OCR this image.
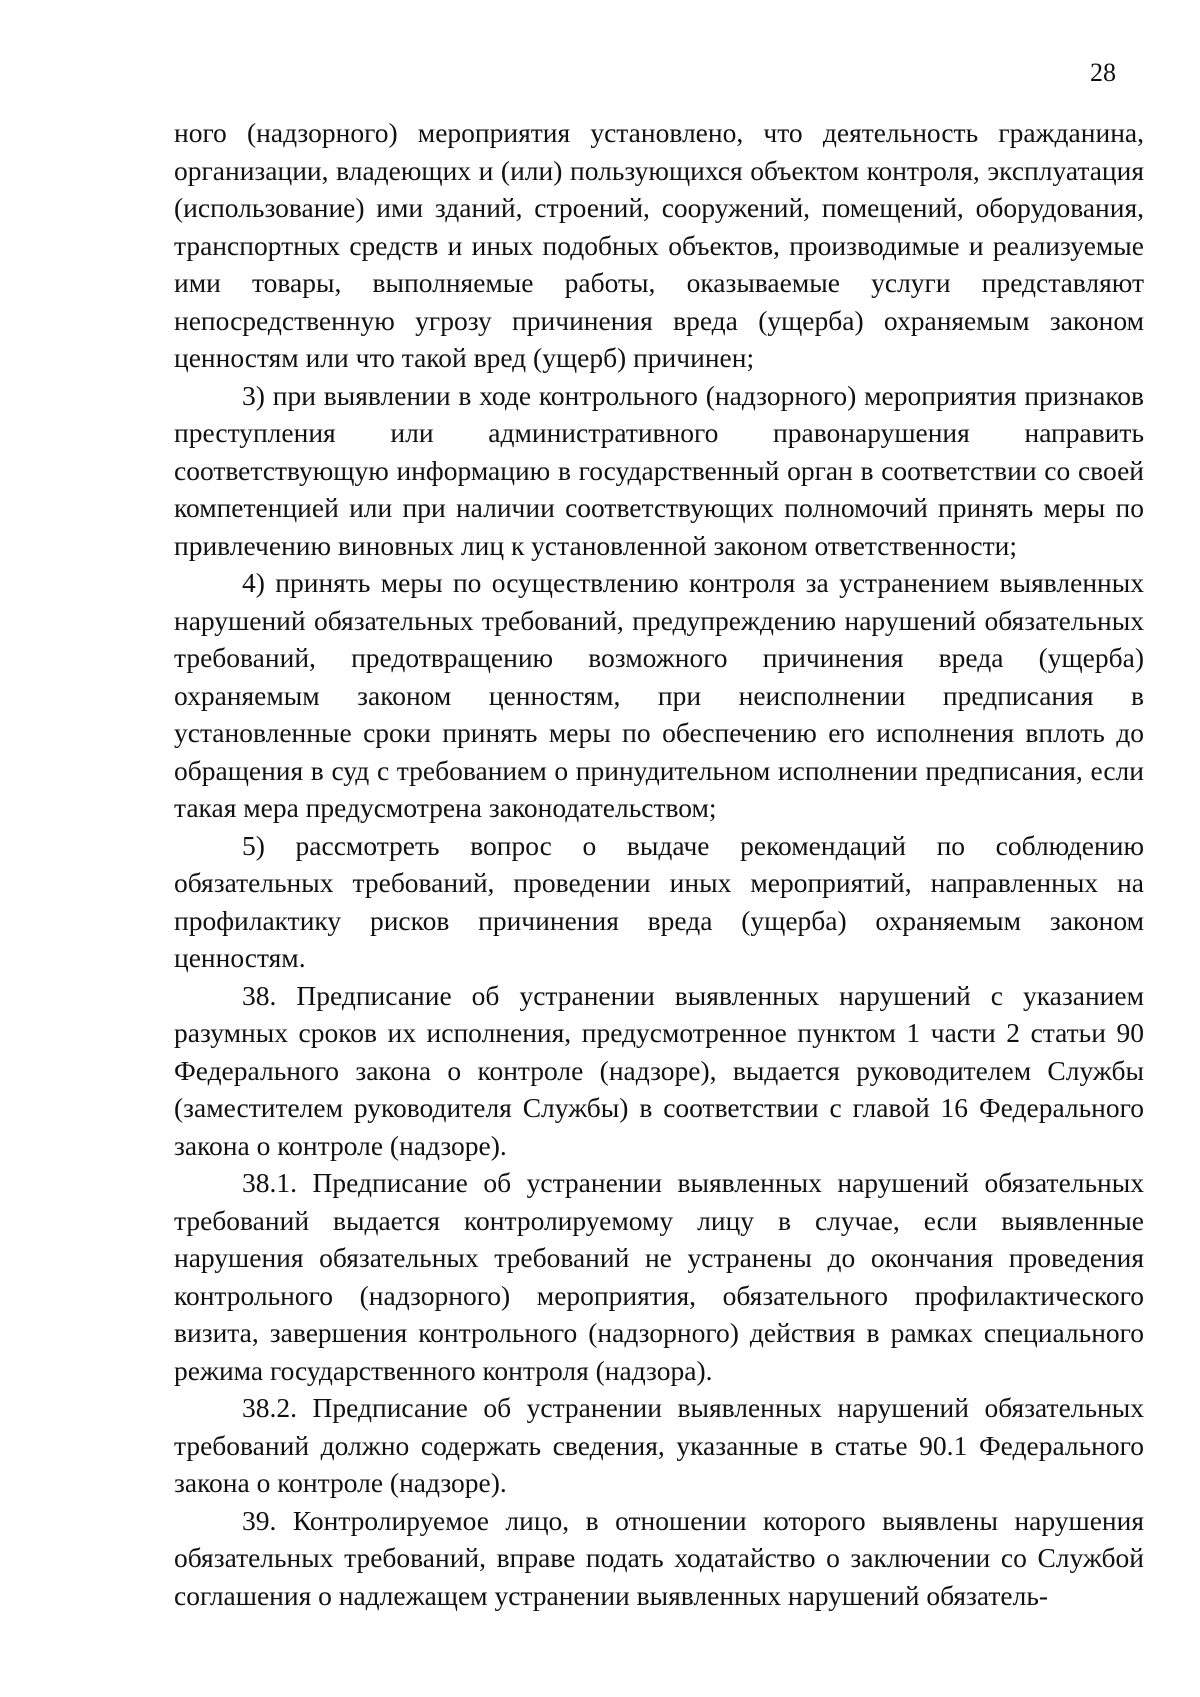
28

ного (надзорного) мероприятия установлено, что деятельность гражданина, организации, владеющих и (или) пользующихся объектом контроля, эксплуатация (использование) ими зданий, строений, сооружений, помещений, оборудования, транспортных средств и иных подобных объектов, производимые и реализуемые ими товары, выполняемые работы, оказываемые услуги представляют непосредственную угрозу причинения вреда (ущерба) охраняемым законом ценностям или что такой вред (ущерб) причинен;

3) при выявлении в ходе контрольного (надзорного) мероприятия признаков преступления или административного правонарушения направить соответствующую информацию в государственный орган в соответствии со своей компетенцией или при наличии соответствующих полномочий принять меры по привлечению виновных лиц к установленной законом ответственности;

4) принять меры по осуществлению контроля за устранением выявленных нарушений обязательных требований, предупреждению нарушений обязательных требований, предотвращению возможного причинения вреда (ущерба) охраняемым законом ценностям, при неисполнении предписания в установленные сроки принять меры по обеспечению его исполнения вплоть до обращения в суд с требованием о принудительном исполнении предписания, если такая мера предусмотрена законодательством;

5) рассмотреть вопрос о выдаче рекомендаций по соблюдению обязательных требований, проведении иных мероприятий, направленных на профилактику рисков причинения вреда (ущерба) охраняемым законом ценностям.

38. Предписание об устранении выявленных нарушений с указанием разумных сроков их исполнения, предусмотренное пунктом 1 части 2 статьи 90 Федерального закона о контроле (надзоре), выдается руководителем Службы (заместителем руководителя Службы) в соответствии с главой 16 Федерального закона о контроле (надзоре).

38.1. Предписание об устранении выявленных нарушений обязательных требований выдается контролируемому лицу в случае, если выявленные нарушения обязательных требований не устранены до окончания проведения контрольного (надзорного) мероприятия, обязательного профилактического визита, завершения контрольного (надзорного) действия в рамках специального режима государственного контроля (надзора).

38.2. Предписание об устранении выявленных нарушений обязательных требований должно содержать сведения, указанные в статье 90.1 Федерального закона о контроле (надзоре).

39. Контролируемое лицо, в отношении которого выявлены нарушения обязательных требований, вправе подать ходатайство о заключении со Службой соглашения о надлежащем устранении выявленных нарушений обязатель-
